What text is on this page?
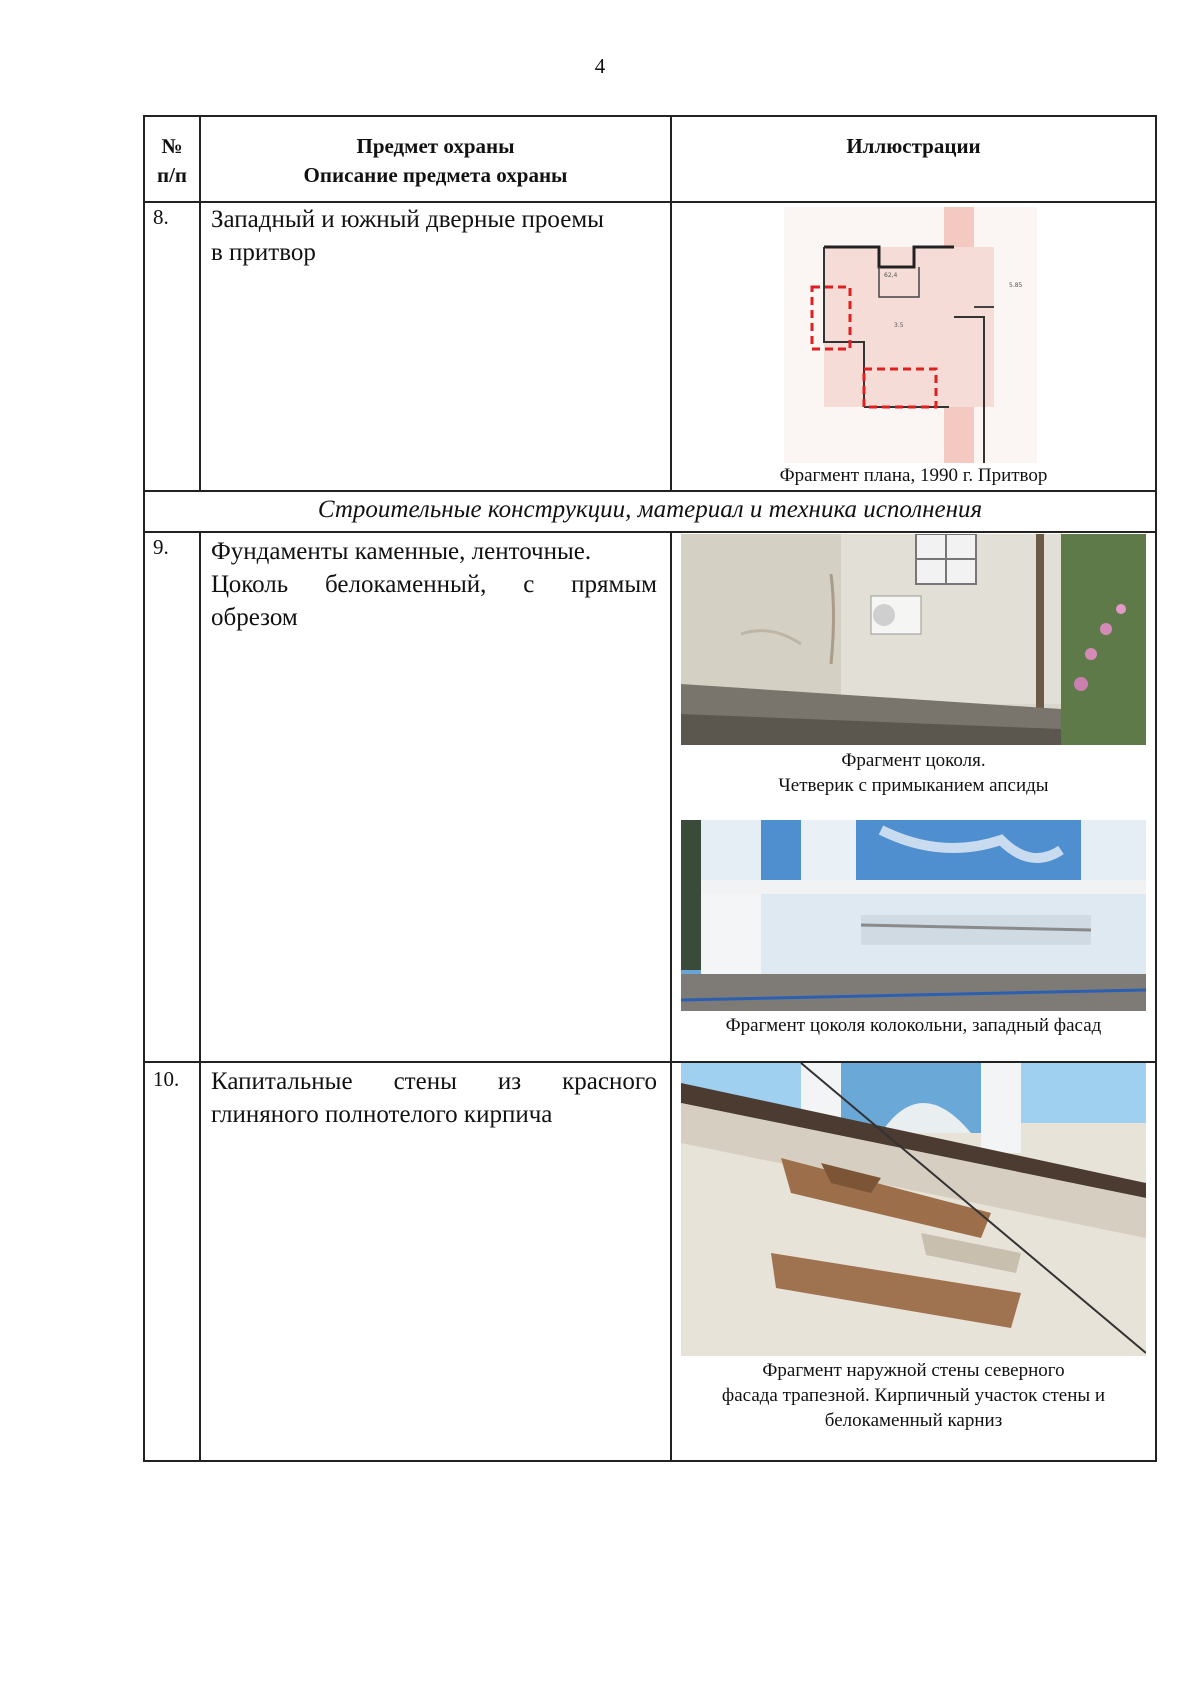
4
№
п/п
Предмет охраны
Описание предмета охраны
Иллюстрации
8. Западный и южный дверные проемы
в притвор
5.85
62,4
3.5
Фрагмент плана, 1990 г. Притвор
Строительные конструкции, материал и техника исполнения
9. Фундаменты каменные, ленточные.
Цоколь белокаменный, с прямым
обрезом
Фрагмент цоколя.
Четверик с примыканием апсиды
Фрагмент цоколя колокольни, западный фасад
10. Капитальные стены из красного
глиняного полнотелого кирпича
Фрагмент наружной стены северного
фасада трапезной. Кирпичный участок стены и
белокаменный карниз
